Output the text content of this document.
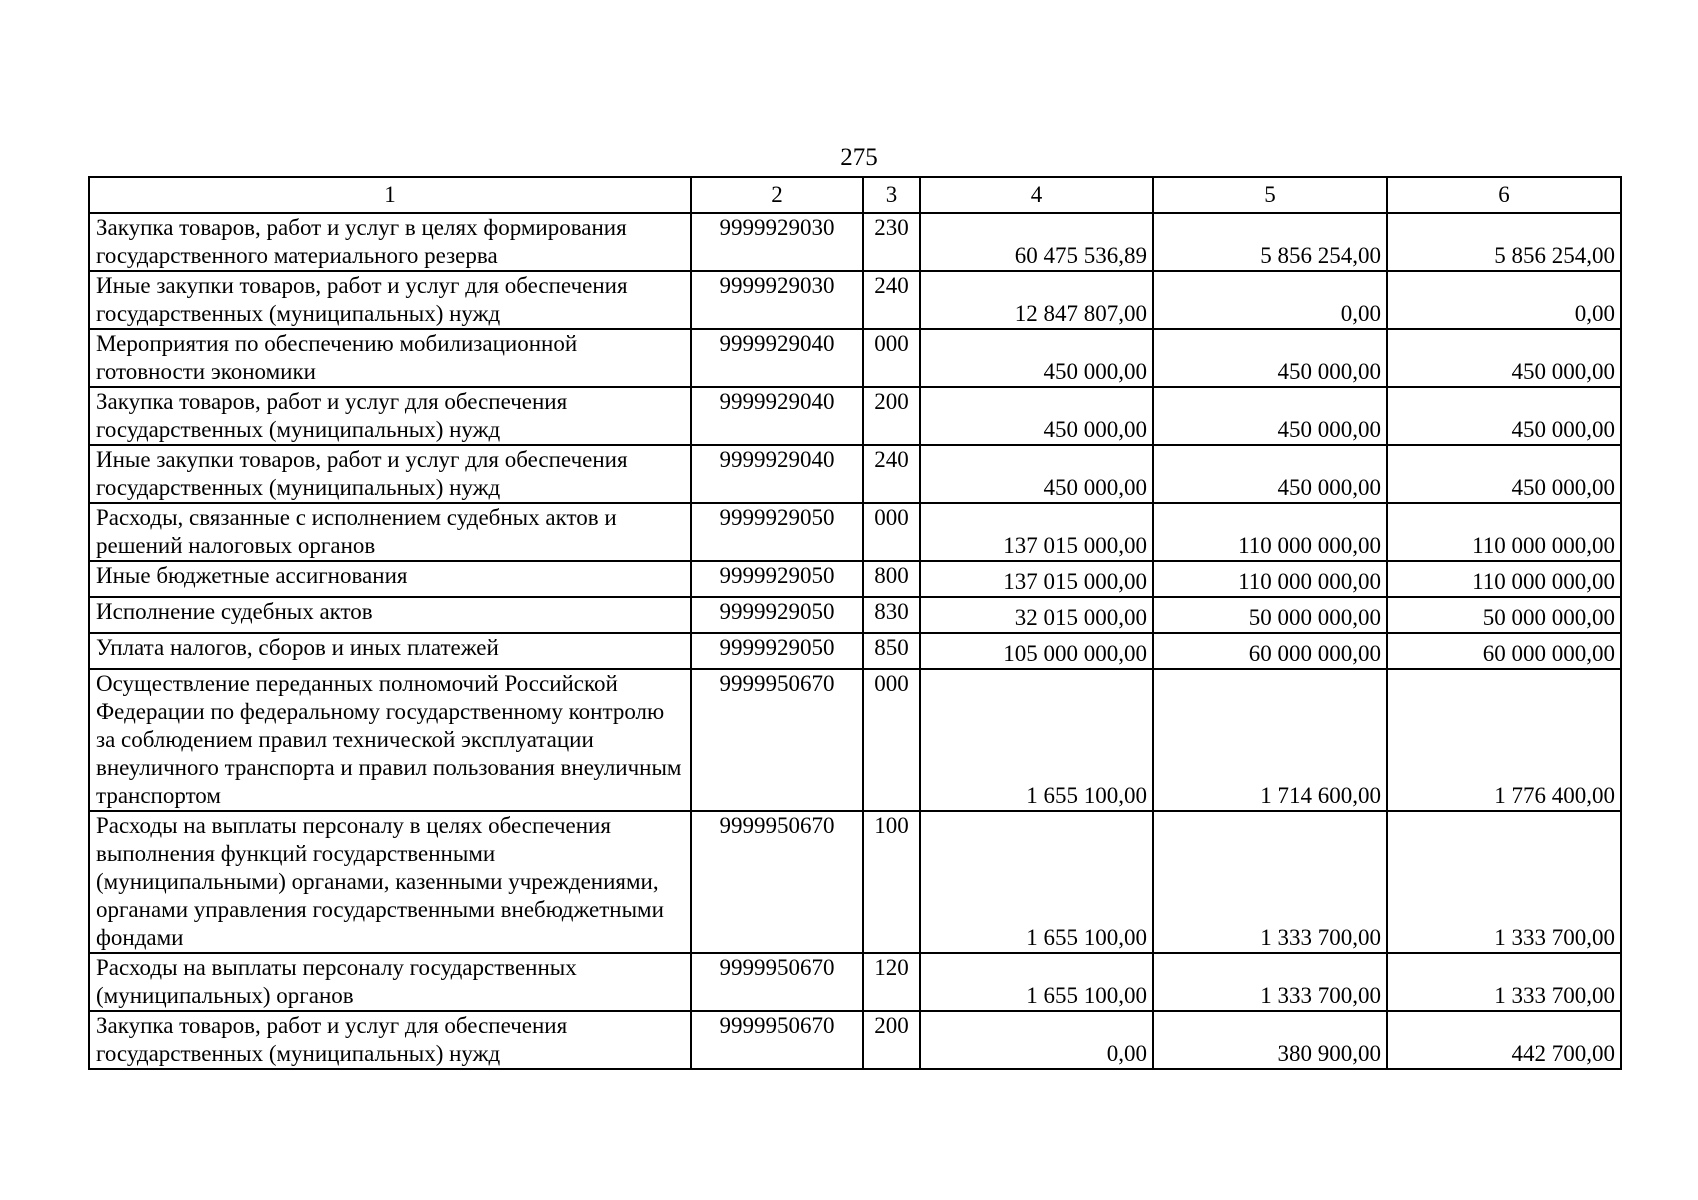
275
1	2	3	4	5	6
Закупка товаров, работ и услуг в целях формирования государственного материального резерва	9999929030	230	60 475 536,89	5 856 254,00	5 856 254,00
Иные закупки товаров, работ и услуг для обеспечения государственных (муниципальных) нужд	9999929030	240	12 847 807,00	0,00	0,00
Мероприятия по обеспечению мобилизационной готовности экономики	9999929040	000	450 000,00	450 000,00	450 000,00
Закупка товаров, работ и услуг для обеспечения государственных (муниципальных) нужд	9999929040	200	450 000,00	450 000,00	450 000,00
Иные закупки товаров, работ и услуг для обеспечения государственных (муниципальных) нужд	9999929040	240	450 000,00	450 000,00	450 000,00
Расходы, связанные с исполнением судебных актов и решений налоговых органов	9999929050	000	137 015 000,00	110 000 000,00	110 000 000,00
Иные бюджетные ассигнования	9999929050	800	137 015 000,00	110 000 000,00	110 000 000,00
Исполнение судебных актов	9999929050	830	32 015 000,00	50 000 000,00	50 000 000,00
Уплата налогов, сборов и иных платежей	9999929050	850	105 000 000,00	60 000 000,00	60 000 000,00
Осуществление переданных полномочий Российской Федерации по федеральному государственному контролю за соблюдением правил технической эксплуатации внеуличного транспорта и правил пользования внеуличным транспортом	9999950670	000	1 655 100,00	1 714 600,00	1 776 400,00
Расходы на выплаты персоналу в целях обеспечения выполнения функций государственными (муниципальными) органами, казенными учреждениями, органами управления государственными внебюджетными фондами	9999950670	100	1 655 100,00	1 333 700,00	1 333 700,00
Расходы на выплаты персоналу государственных (муниципальных) органов	9999950670	120	1 655 100,00	1 333 700,00	1 333 700,00
Закупка товаров, работ и услуг для обеспечения государственных (муниципальных) нужд	9999950670	200	0,00	380 900,00	442 700,00
